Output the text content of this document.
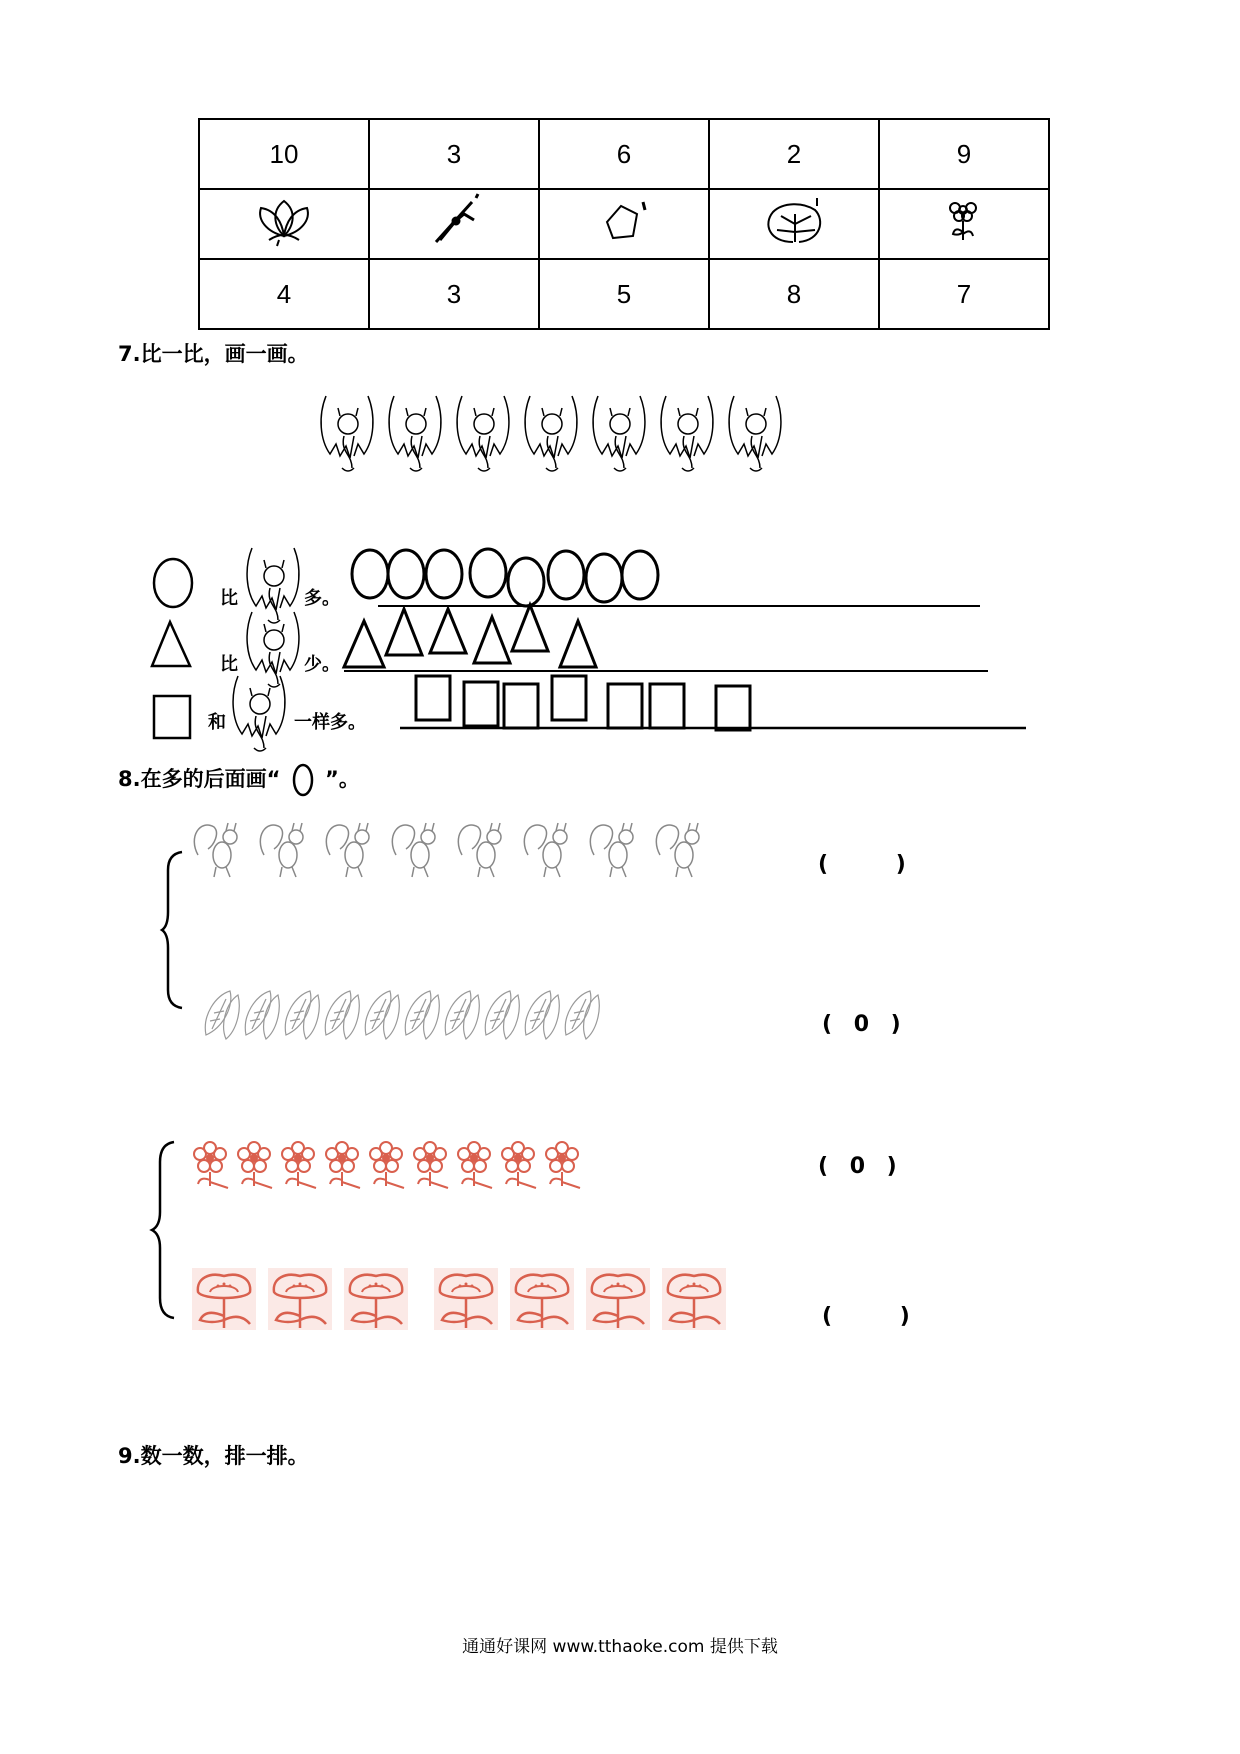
10	3	6	2	9

4	3	5	8	7
7.比一比，画一画。
比	多。
比	少。
和	一样多。
8.在多的后面画“ ”。
( )
( 0 )
( 0 )
( )
9.数一数，排一排。
通通好课网 www.tthaoke.com 提供下载
